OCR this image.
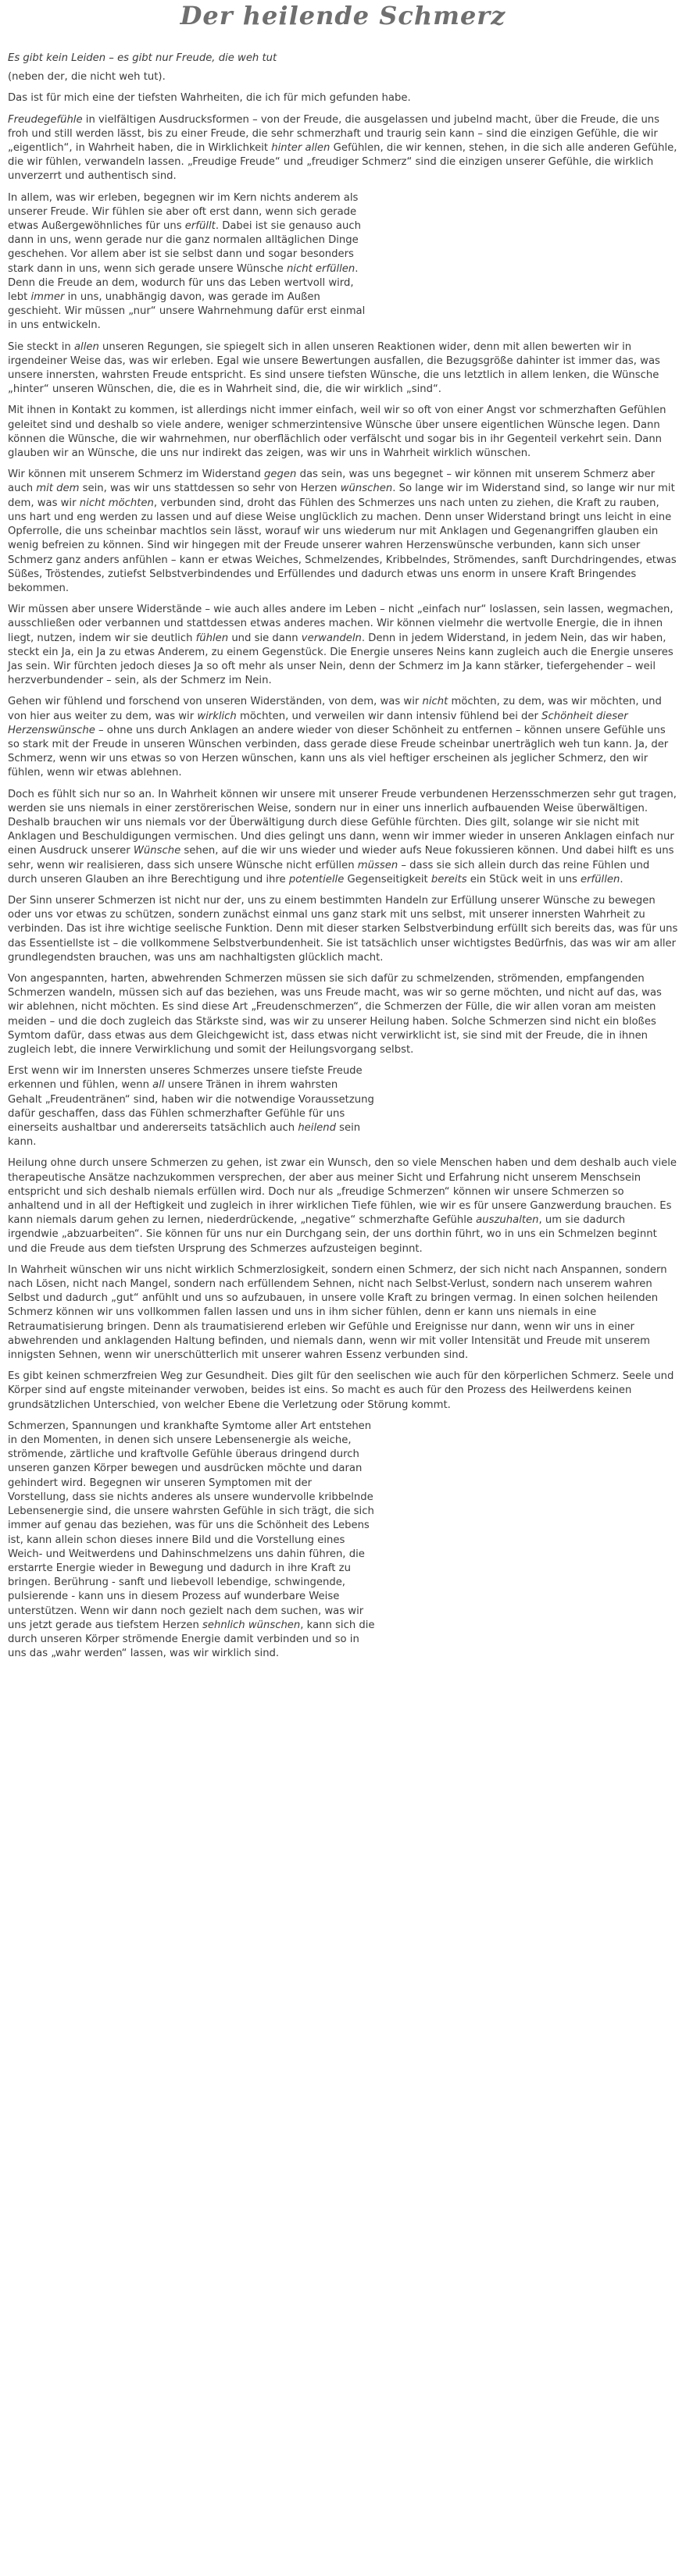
Der heilende Schmerz
Es gibt kein Leiden – es gibt nur Freude, die weh tut
(neben der, die nicht weh tut).

Das ist für mich eine der tiefsten Wahrheiten, die ich für mich gefunden habe.

Freudegefühle in vielfältigen Ausdrucksformen – von der Freude, die ausgelassen und jubelnd macht, über die Freude, die uns froh und still werden lässt, bis zu einer Freude, die sehr schmerzhaft und traurig sein kann – sind die einzigen Gefühle, die wir „eigentlich“, in Wahrheit haben, die in Wirklichkeit hinter allen Gefühlen, die wir kennen, stehen, in die sich alle anderen Gefühle, die wir fühlen, verwandeln lassen. „Freudige Freude“ und „freudiger Schmerz“ sind die einzigen unserer Gefühle, die wirklich unverzerrt und authentisch sind.

In allem, was wir erleben, begegnen wir im Kern nichts anderem als unserer Freude. Wir fühlen sie aber oft erst dann, wenn sich gerade etwas Außergewöhnliches für uns erfüllt. Dabei ist sie genauso auch dann in uns, wenn gerade nur die ganz normalen alltäglichen Dinge geschehen. Vor allem aber ist sie selbst dann und sogar besonders stark dann in uns, wenn sich gerade unsere Wünsche nicht erfüllen. Denn die Freude an dem, wodurch für uns das Leben wertvoll wird, lebt immer in uns, unabhängig davon, was gerade im Außen geschieht. Wir müssen „nur“ unsere Wahrnehmung dafür erst einmal in uns entwickeln.

Sie steckt in allen unseren Regungen, sie spiegelt sich in allen unseren Reaktionen wider, denn mit allen bewerten wir in irgendeiner Weise das, was wir erleben. Egal wie unsere Bewertungen ausfallen, die Bezugsgröße dahinter ist immer das, was unsere innersten, wahrsten Freude entspricht. Es sind unsere tiefsten Wünsche, die uns letztlich in allem lenken, die Wünsche „hinter“ unseren Wünschen, die, die es in Wahrheit sind, die, die wir wirklich „sind“.

Mit ihnen in Kontakt zu kommen, ist allerdings nicht immer einfach, weil wir so oft von einer Angst vor schmerzhaften Gefühlen geleitet sind und deshalb so viele andere, weniger schmerzintensive Wünsche über unsere eigentlichen Wünsche legen. Dann können die Wünsche, die wir wahrnehmen, nur oberflächlich oder verfälscht und sogar bis in ihr Gegenteil verkehrt sein. Dann glauben wir an Wünsche, die uns nur indirekt das zeigen, was wir uns in Wahrheit wirklich wünschen.

Wir können mit unserem Schmerz im Widerstand gegen das sein, was uns begegnet – wir können mit unserem Schmerz aber auch mit dem sein, was wir uns stattdessen so sehr von Herzen wünschen. So lange wir im Widerstand sind, so lange wir nur mit dem, was wir nicht möchten, verbunden sind, droht das Fühlen des Schmerzes uns nach unten zu ziehen, die Kraft zu rauben, uns hart und eng werden zu lassen und auf diese Weise unglücklich zu machen. Denn unser Widerstand bringt uns leicht in eine Opferrolle, die uns scheinbar machtlos sein lässt, worauf wir uns wiederum nur mit Anklagen und Gegenangriffen glauben ein wenig befreien zu können. Sind wir hingegen mit der Freude unserer wahren Herzenswünsche verbunden, kann sich unser Schmerz ganz anders anfühlen – kann er etwas Weiches, Schmelzendes, Kribbelndes, Strömendes, sanft Durchdringendes, etwas Süßes, Tröstendes, zutiefst Selbstverbindendes und Erfüllendes und dadurch etwas uns enorm in unsere Kraft Bringendes bekommen.

Wir müssen aber unsere Widerstände – wie auch alles andere im Leben – nicht „einfach nur“ loslassen, sein lassen, wegmachen, ausschließen oder verbannen und stattdessen etwas anderes machen. Wir können vielmehr die wertvolle Energie, die in ihnen liegt, nutzen, indem wir sie deutlich fühlen und sie dann verwandeln. Denn in jedem Widerstand, in jedem Nein, das wir haben, steckt ein Ja, ein Ja zu etwas Anderem, zu einem Gegenstück. Die Energie unseres Neins kann zugleich auch die Energie unseres Jas sein. Wir fürchten jedoch dieses Ja so oft mehr als unser Nein, denn der Schmerz im Ja kann stärker, tiefergehender – weil herzverbundender – sein, als der Schmerz im Nein.

Gehen wir fühlend und forschend von unseren Widerständen, von dem, was wir nicht möchten, zu dem, was wir möchten, und von hier aus weiter zu dem, was wir wirklich möchten, und verweilen wir dann intensiv fühlend bei der Schönheit dieser Herzenswünsche – ohne uns durch Anklagen an andere wieder von dieser Schönheit zu entfernen – können unsere Gefühle uns so stark mit der Freude in unseren Wünschen verbinden, dass gerade diese Freude scheinbar unerträglich weh tun kann. Ja, der Schmerz, wenn wir uns etwas so von Herzen wünschen, kann uns als viel heftiger erscheinen als jeglicher Schmerz, den wir fühlen, wenn wir etwas ablehnen.

Doch es fühlt sich nur so an. In Wahrheit können wir unsere mit unserer Freude verbundenen Herzensschmerzen sehr gut tragen, werden sie uns niemals in einer zerstörerischen Weise, sondern nur in einer uns innerlich aufbauenden Weise überwältigen. Deshalb brauchen wir uns niemals vor der Überwältigung durch diese Gefühle fürchten. Dies gilt, solange wir sie nicht mit Anklagen und Beschuldigungen vermischen. Und dies gelingt uns dann, wenn wir immer wieder in unseren Anklagen einfach nur einen Ausdruck unserer Wünsche sehen, auf die wir uns wieder und wieder aufs Neue fokussieren können. Und dabei hilft es uns sehr, wenn wir realisieren, dass sich unsere Wünsche nicht erfüllen müssen – dass sie sich allein durch das reine Fühlen und durch unseren Glauben an ihre Berechtigung und ihre potentielle Gegenseitigkeit bereits ein Stück weit in uns erfüllen.

Der Sinn unserer Schmerzen ist nicht nur der, uns zu einem bestimmten Handeln zur Erfüllung unserer Wünsche zu bewegen oder uns vor etwas zu schützen, sondern zunächst einmal uns ganz stark mit uns selbst, mit unserer innersten Wahrheit zu verbinden. Das ist ihre wichtige seelische Funktion. Denn mit dieser starken Selbstverbindung erfüllt sich bereits das, was für uns das Essentiellste ist – die vollkommene Selbstverbundenheit. Sie ist tatsächlich unser wichtigstes Bedürfnis, das was wir am aller grundlegendsten brauchen, was uns am nachhaltigsten glücklich macht.

Von angespannten, harten, abwehrenden Schmerzen müssen sie sich dafür zu schmelzenden, strömenden, empfangenden Schmerzen wandeln, müssen sich auf das beziehen, was uns Freude macht, was wir so gerne möchten, und nicht auf das, was wir ablehnen, nicht möchten. Es sind diese Art „Freudenschmerzen“, die Schmerzen der Fülle, die wir allen voran am meisten meiden – und die doch zugleich das Stärkste sind, was wir zu unserer Heilung haben. Solche Schmerzen sind nicht ein bloßes Symtom dafür, dass etwas aus dem Gleichgewicht ist, dass etwas nicht verwirklicht ist, sie sind mit der Freude, die in ihnen zugleich lebt, die innere Verwirklichung und somit der Heilungsvorgang selbst.

Erst wenn wir im Innersten unseres Schmerzes unsere tiefste Freude erkennen und fühlen, wenn all unsere Tränen in ihrem wahrsten Gehalt „Freudentränen“ sind, haben wir die notwendige Voraussetzung dafür geschaffen, dass das Fühlen schmerzhafter Gefühle für uns einerseits aushaltbar und andererseits tatsächlich auch heilend sein kann.

Heilung ohne durch unsere Schmerzen zu gehen, ist zwar ein Wunsch, den so viele Menschen haben und dem deshalb auch viele therapeutische Ansätze nachzukommen versprechen, der aber aus meiner Sicht und Erfahrung nicht unserem Menschsein entspricht und sich deshalb niemals erfüllen wird. Doch nur als „freudige Schmerzen“ können wir unsere Schmerzen so anhaltend und in all der Heftigkeit und zugleich in ihrer wirklichen Tiefe fühlen, wie wir es für unsere Ganzwerdung brauchen. Es kann niemals darum gehen zu lernen, niederdrückende, „negative“ schmerzhafte Gefühle auszuhalten, um sie dadurch irgendwie „abzuarbeiten“. Sie können für uns nur ein Durchgang sein, der uns dorthin führt, wo in uns ein Schmelzen beginnt und die Freude aus dem tiefsten Ursprung des Schmerzes aufzusteigen beginnt.

In Wahrheit wünschen wir uns nicht wirklich Schmerzlosigkeit, sondern einen Schmerz, der sich nicht nach Anspannen, sondern nach Lösen, nicht nach Mangel, sondern nach erfüllendem Sehnen, nicht nach Selbst-Verlust, sondern nach unserem wahren Selbst und dadurch „gut“ anfühlt und uns so aufzubauen, in unsere volle Kraft zu bringen vermag. In einen solchen heilenden Schmerz können wir uns vollkommen fallen lassen und uns in ihm sicher fühlen, denn er kann uns niemals in eine Retraumatisierung bringen. Denn als traumatisierend erleben wir Gefühle und Ereignisse nur dann, wenn wir uns in einer abwehrenden und anklagenden Haltung befinden, und niemals dann, wenn wir mit voller Intensität und Freude mit unserem innigsten Sehnen, wenn wir unerschütterlich mit unserer wahren Essenz verbunden sind.

Es gibt keinen schmerzfreien Weg zur Gesundheit. Dies gilt für den seelischen wie auch für den körperlichen Schmerz. Seele und Körper sind auf engste miteinander verwoben, beides ist eins. So macht es auch für den Prozess des Heilwerdens keinen grundsätzlichen Unterschied, von welcher Ebene die Verletzung oder Störung kommt.

Schmerzen, Spannungen und krankhafte Symtome aller Art entstehen in den Momenten, in denen sich unsere Lebensenergie als weiche, strömende, zärtliche und kraftvolle Gefühle überaus dringend durch unseren ganzen Körper bewegen und ausdrücken möchte und daran gehindert wird. Begegnen wir unseren Symptomen mit der Vorstellung, dass sie nichts anderes als unsere wundervolle kribbelnde Lebensenergie sind, die unsere wahrsten Gefühle in sich trägt, die sich immer auf genau das beziehen, was für uns die Schönheit des Lebens ist, kann allein schon dieses innere Bild und die Vorstellung eines Weich- und Weitwerdens und Dahinschmelzens uns dahin führen, die erstarrte Energie wieder in Bewegung und dadurch in ihre Kraft zu bringen. Berührung - sanft und liebevoll lebendige, schwingende, pulsierende - kann uns in diesem Prozess auf wunderbare Weise unterstützen. Wenn wir dann noch gezielt nach dem suchen, was wir uns jetzt gerade aus tiefstem Herzen sehnlich wünschen, kann sich die durch unseren Körper strömende Energie damit verbinden und so in uns das „wahr werden“ lassen, was wir wirklich sind.
